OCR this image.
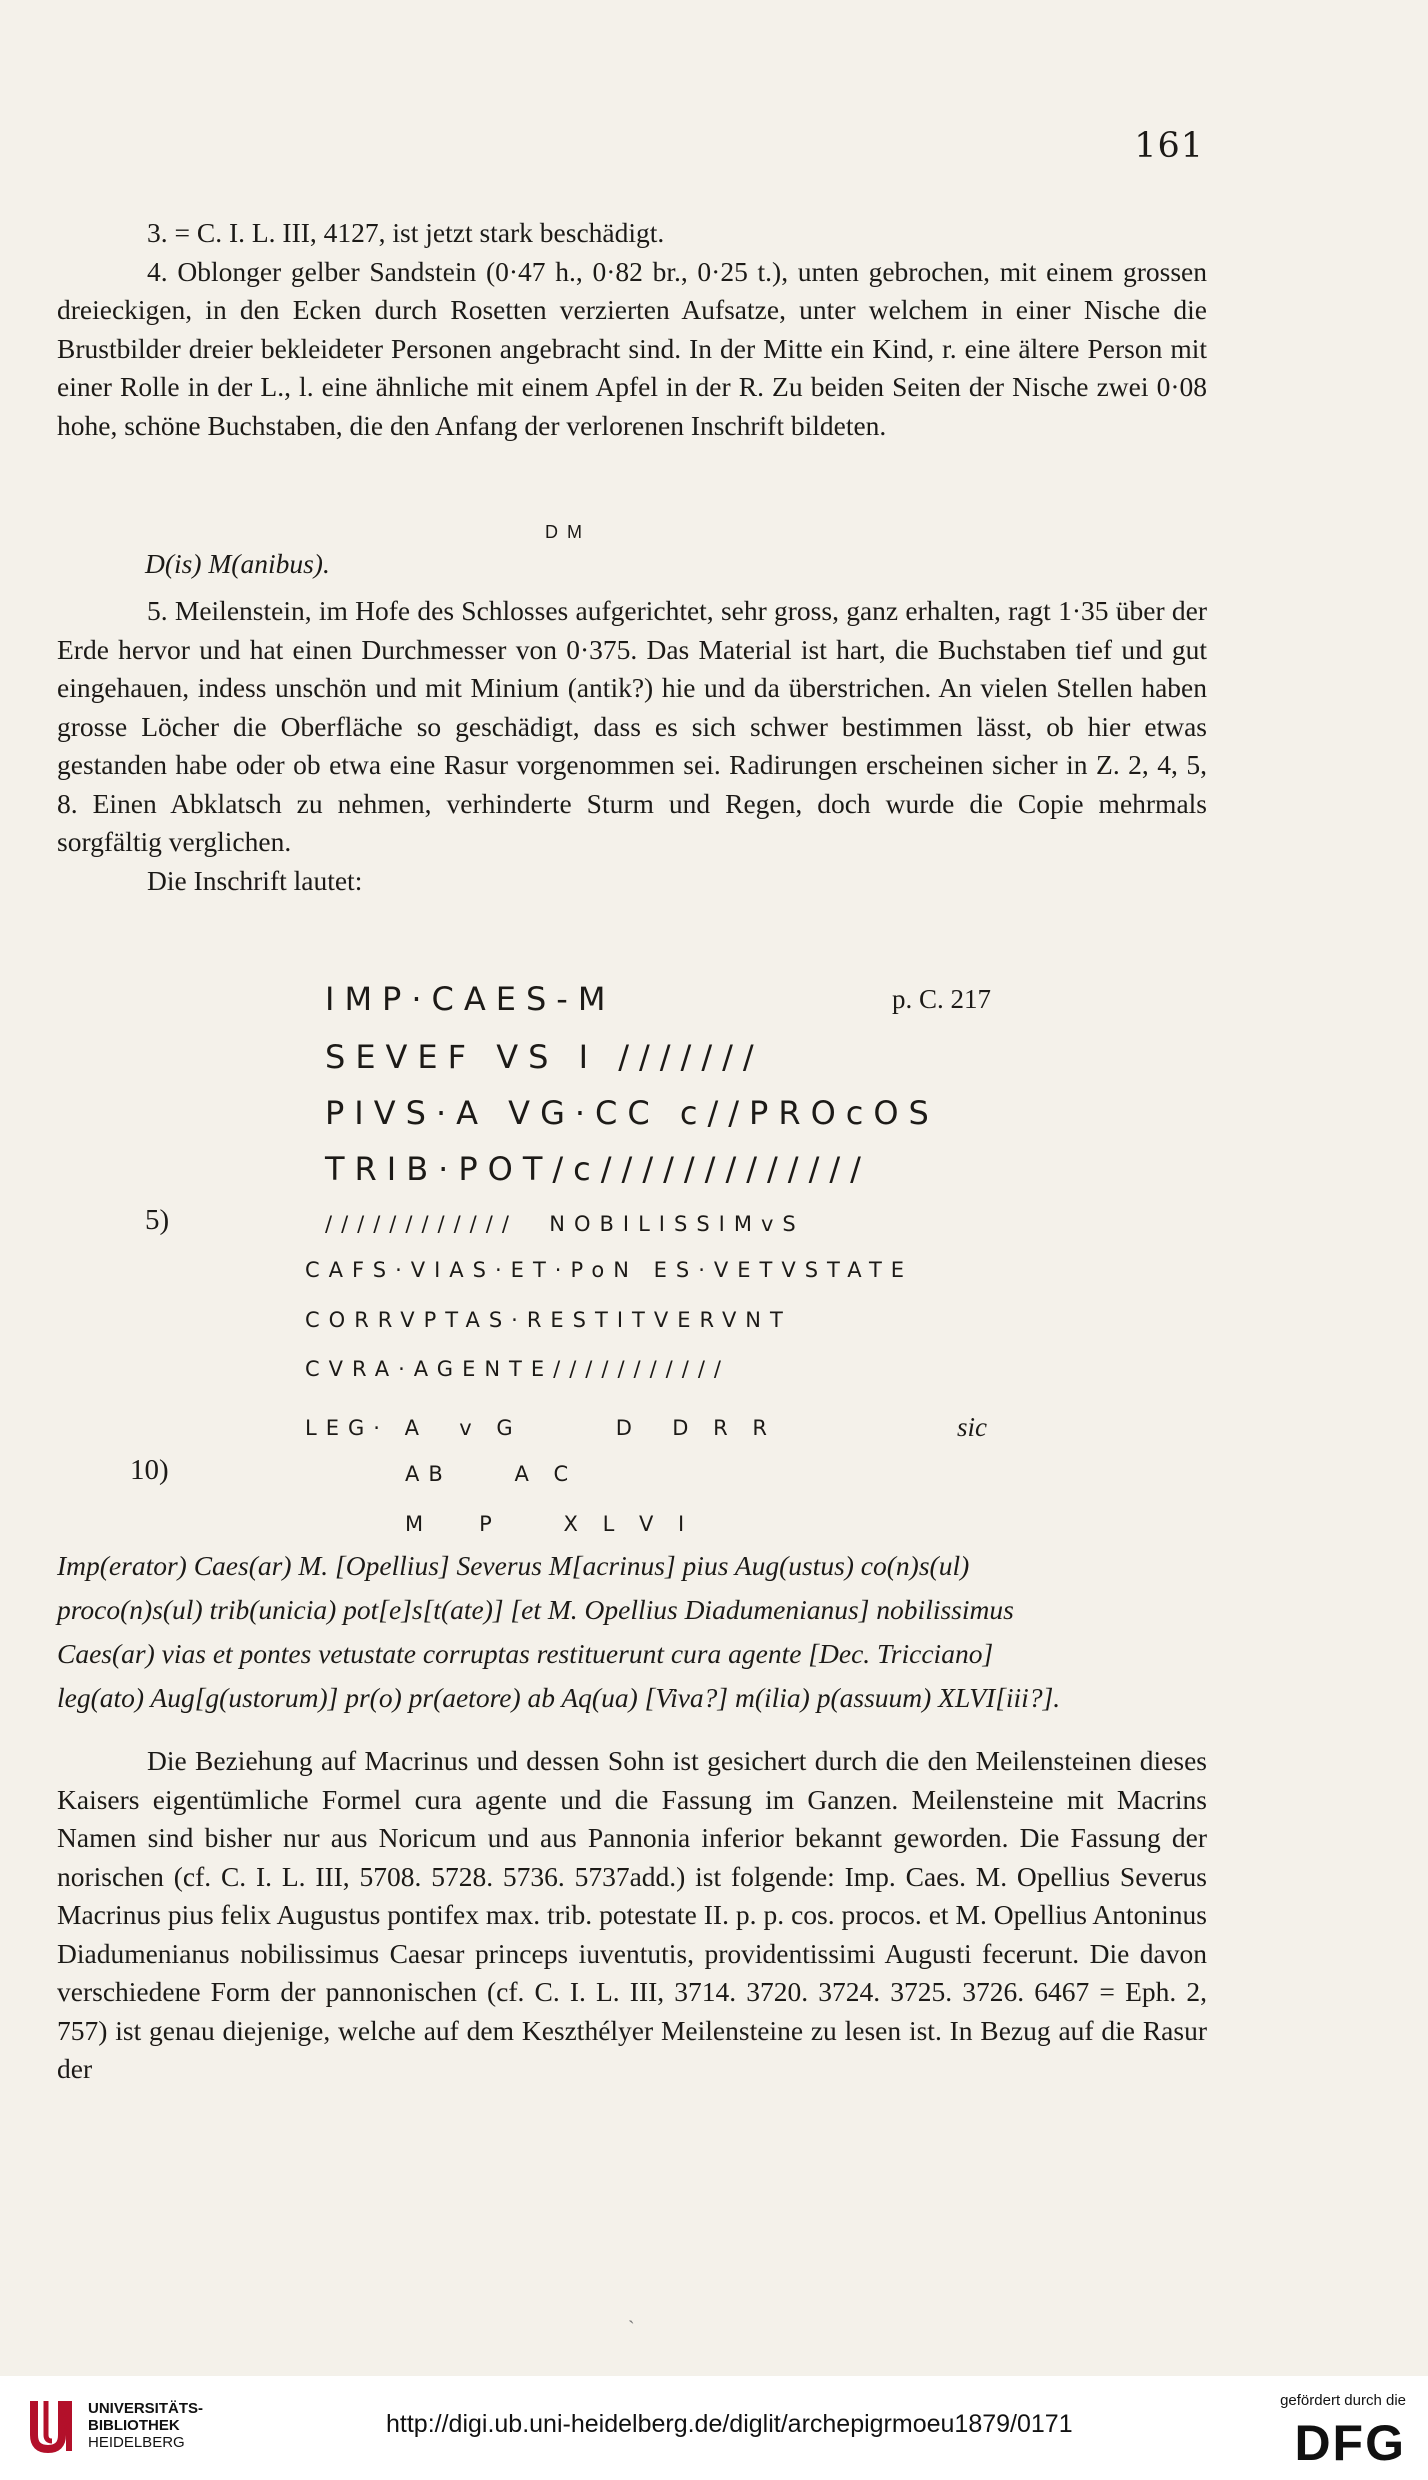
161

3. = C. I. L. III, 4127, ist jetzt stark beschädigt.

4. Oblonger gelber Sandstein (0·47 h., 0·82 br., 0·25 t.), unten gebrochen, mit einem grossen dreieckigen, in den Ecken durch Rosetten verzierten Aufsatze, unter welchem in einer Nische die Brustbilder dreier bekleideter Personen angebracht sind. In der Mitte ein Kind, r. eine ältere Person mit einer Rolle in der L., l. eine ähnliche mit einem Apfel in der R. Zu beiden Seiten der Nische zwei 0·08 hohe, schöne Buchstaben, die den Anfang der verlorenen Inschrift bildeten.

D M
D(is) M(anibus).

5. Meilenstein, im Hofe des Schlosses aufgerichtet, sehr gross, ganz erhalten, ragt 1·35 über der Erde hervor und hat einen Durchmesser von 0·375. Das Material ist hart, die Buchstaben tief und gut eingehauen, indess unschön und mit Minium (antik?) hie und da überstrichen. An vielen Stellen haben grosse Löcher die Oberfläche so geschädigt, dass es sich schwer bestimmen lässt, ob hier etwas gestanden habe oder ob etwa eine Rasur vorgenommen sei. Radirungen erscheinen sicher in Z. 2, 4, 5, 8. Einen Abklatsch zu nehmen, verhinderte Sturm und Regen, doch wurde die Copie mehrmals sorgfältig verglichen.

Die Inschrift lautet:

IMP·CAES-M	p. C. 217
SEVEF VS I ///////
PIVS·A VG·CC c//PROcOS
TRIB·POT/c/////////////
5)	////////////  NOBILISSIMvS
CAFS·VIAS·ET·PoN ES·VETVSTATE
CORRVPTAS·RESTITVERVNT
CVRA·AGENTE///////////
LEG· A  v G      D  D R R	sic
10)	AB    A C
M   P    X L V I
Imp(erator) Caes(ar) M. [Opellius] Severus M[acrinus] pius Aug(ustus) co(n)s(ul)
proco(n)s(ul) trib(unicia) pot[e]s[t(ate)] [et M. Opellius Diadumenianus] nobilissimus
Caes(ar) vias et pontes vetustate corruptas restituerunt cura agente [Dec. Tricciano]
leg(ato) Aug[g(ustorum)] pr(o) pr(aetore) ab Aq(ua) [Viva?] m(ilia) p(assuum) XLVI[iii?].

Die Beziehung auf Macrinus und dessen Sohn ist gesichert durch die den Meilensteinen dieses Kaisers eigentümliche Formel cura agente und die Fassung im Ganzen. Meilensteine mit Macrins Namen sind bisher nur aus Noricum und aus Pannonia inferior bekannt geworden. Die Fassung der norischen (cf. C. I. L. III, 5708. 5728. 5736. 5737add.) ist folgende: Imp. Caes. M. Opellius Severus Macrinus pius felix Augustus pontifex max. trib. potestate II. p. p. cos. procos. et M. Opellius Antoninus Diadumenianus nobilissimus Caesar princeps iuventutis, providentissimi Augusti fecerunt. Die davon verschiedene Form der pannonischen (cf. C. I. L. III, 3714. 3720. 3724. 3725. 3726. 6467 = Eph. 2, 757) ist genau diejenige, welche auf dem Keszthélyer Meilensteine zu lesen ist. In Bezug auf die Rasur der

ˏ
UNIVERSITÄTS-
BIBLIOTHEK
HEIDELBERG
http://digi.ub.uni-heidelberg.de/diglit/archepigrmoeu1879/0171
gefördert durch die
DFG
